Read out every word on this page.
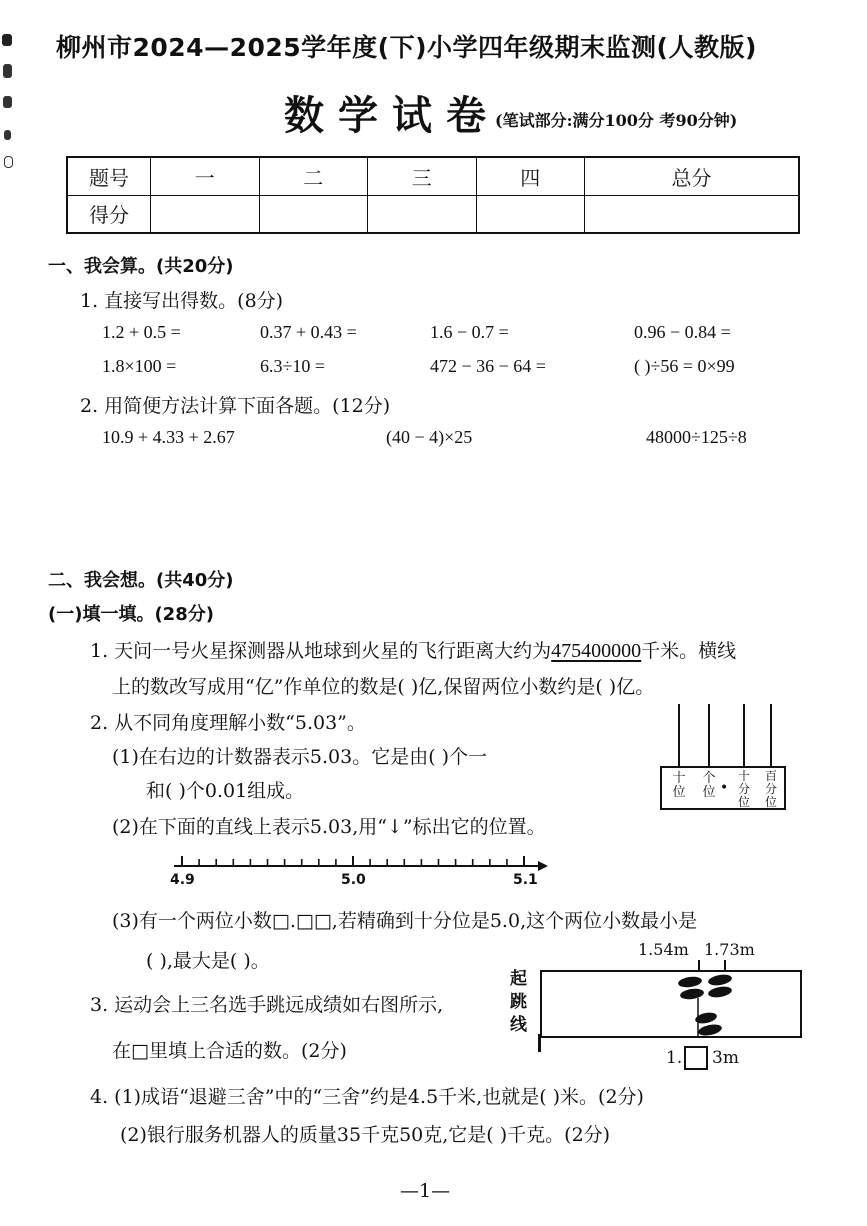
柳州市2024—2025学年度(下)小学四年级期末监测(人教版)
数学试卷
(笔试部分:满分100分 考90分钟)
题号	一	二	三	四	总分
得分					
一、我会算。(共20分)
1. 直接写出得数。(8分)
1.2 + 0.5 =	0.37 + 0.43 =	1.6 − 0.7 =	0.96 − 0.84 =
1.8×100 =	6.3÷10 =	472 − 36 − 64 =	( )÷56 = 0×99
2. 用简便方法计算下面各题。(12分)
10.9 + 4.33 + 2.67	(40 − 4)×25	48000÷125÷8
二、我会想。(共40分)
(一)填一填。(28分)
1. 天问一号火星探测器从地球到火星的飞行距离大约为475400000千米。横线
上的数改写成用“亿”作单位的数是( )亿,保留两位小数约是( )亿。
2. 从不同角度理解小数“5.03”。
(1)在右边的计数器表示5.03。它是由( )个一
和( )个0.01组成。
(2)在下面的直线上表示5.03,用“↓”标出它的位置。
十位
个位 •
十分位
百分位
4.9	5.0	5.1
(3)有一个两位小数□.□□,若精确到十分位是5.0,这个两位小数最小是
( ),最大是( )。
3. 运动会上三名选手跳远成绩如右图所示,
在□里填上合适的数。(2分)
1.54m 1.73m
起跳线
1. 3m
4. (1)成语“退避三舍”中的“三舍”约是4.5千米,也就是( )米。(2分)
(2)银行服务机器人的质量35千克50克,它是( )千克。(2分)
—1—
